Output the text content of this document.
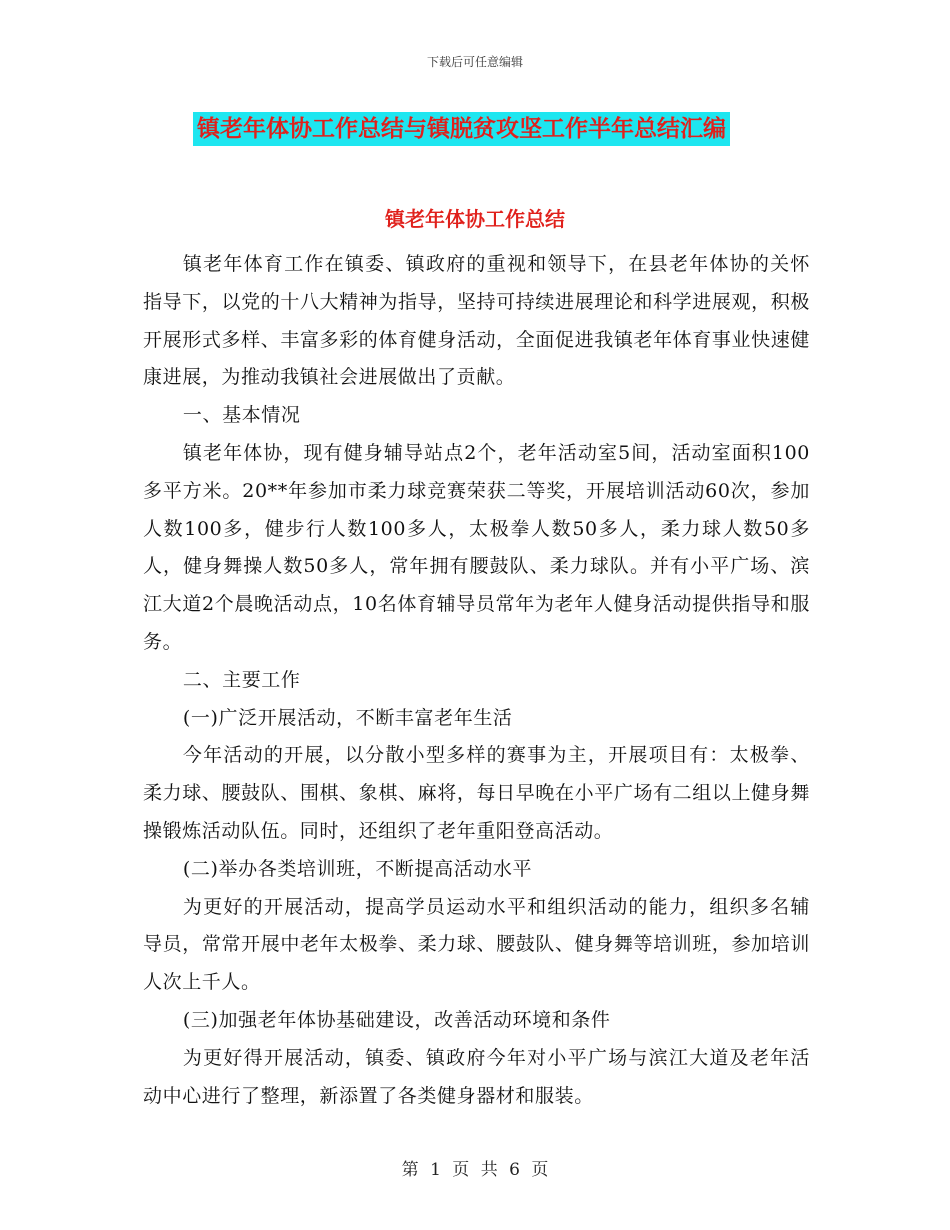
下载后可任意编辑
镇老年体协工作总结与镇脱贫攻坚工作半年总结汇编
镇老年体协工作总结

镇老年体育工作在镇委、镇政府的重视和领导下，在县老年体协的关怀指导下，以党的十八大精神为指导，坚持可持续进展理论和科学进展观，积极开展形式多样、丰富多彩的体育健身活动，全面促进我镇老年体育事业快速健康进展，为推动我镇社会进展做出了贡献。

一、基本情况

镇老年体协，现有健身辅导站点2个，老年活动室5间，活动室面积100多平方米。20**年参加市柔力球竞赛荣获二等奖，开展培训活动60次，参加人数100多，健步行人数100多人，太极拳人数50多人，柔力球人数50多人，健身舞操人数50多人，常年拥有腰鼓队、柔力球队。并有小平广场、滨江大道2个晨晚活动点，10名体育辅导员常年为老年人健身活动提供指导和服务。

二、主要工作

(一)广泛开展活动，不断丰富老年生活

今年活动的开展，以分散小型多样的赛事为主，开展项目有：太极拳、柔力球、腰鼓队、围棋、象棋、麻将，每日早晚在小平广场有二组以上健身舞操锻炼活动队伍。同时，还组织了老年重阳登高活动。

(二)举办各类培训班，不断提高活动水平

为更好的开展活动，提高学员运动水平和组织活动的能力，组织多名辅导员，常常开展中老年太极拳、柔力球、腰鼓队、健身舞等培训班，参加培训人次上千人。

(三)加强老年体协基础建设，改善活动环境和条件

为更好得开展活动，镇委、镇政府今年对小平广场与滨江大道及老年活动中心进行了整理，新添置了各类健身器材和服装。

第 1 页 共 6 页
